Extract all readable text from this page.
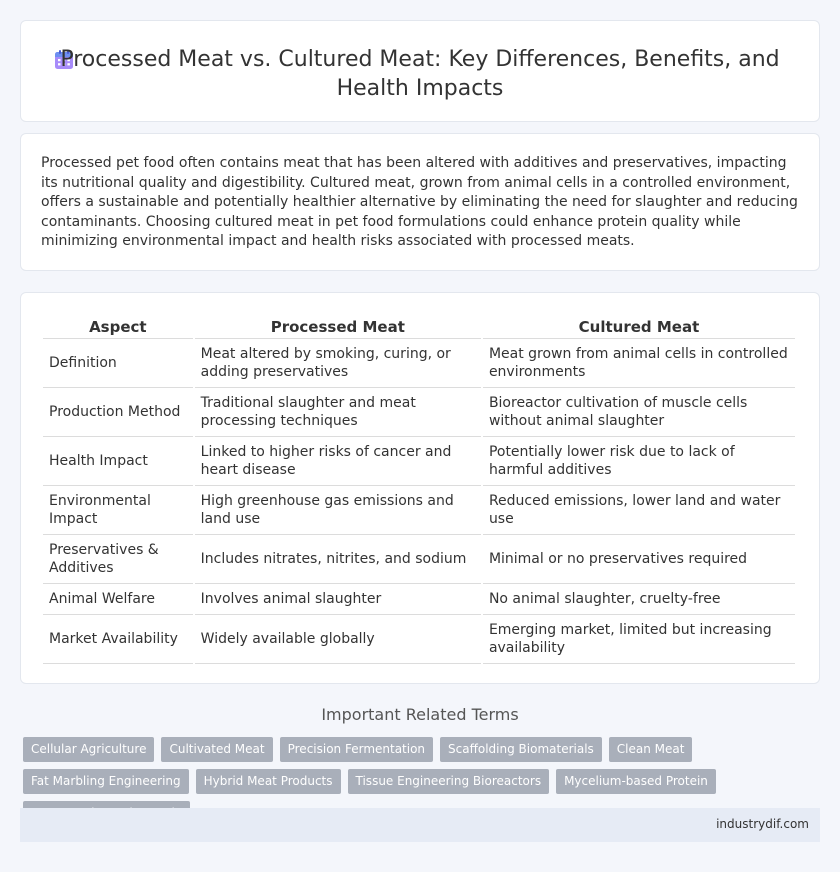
Processed Meat vs. Cultured Meat: Key Differences, Benefits, and Health Impacts

Processed pet food often contains meat that has been altered with additives and preservatives, impacting its nutritional quality and digestibility. Cultured meat, grown from animal cells in a controlled environment, offers a sustainable and potentially healthier alternative by eliminating the need for slaughter and reducing contaminants. Choosing cultured meat in pet food formulations could enhance protein quality while minimizing environmental impact and health risks associated with processed meats.

Aspect	Processed Meat	Cultured Meat
Definition	Meat altered by smoking, curing, or adding preservatives	Meat grown from animal cells in controlled environments
Production Method	Traditional slaughter and meat processing techniques	Bioreactor cultivation of muscle cells without animal slaughter
Health Impact	Linked to higher risks of cancer and heart disease	Potentially lower risk due to lack of harmful additives
Environmental Impact	High greenhouse gas emissions and land use	Reduced emissions, lower land and water use
Preservatives & Additives	Includes nitrates, nitrites, and sodium	Minimal or no preservatives required
Animal Welfare	Involves animal slaughter	No animal slaughter, cruelty-free
Market Availability	Widely available globally	Emerging market, limited but increasing availability
Important Related Terms
Cellular Agriculture	Cultivated Meat	Precision Fermentation	Scaffolding Biomaterials	Clean Meat
Fat Marbling Engineering	Hybrid Meat Products	Tissue Engineering Bioreactors	Mycelium-based Protein
industrydif.com
